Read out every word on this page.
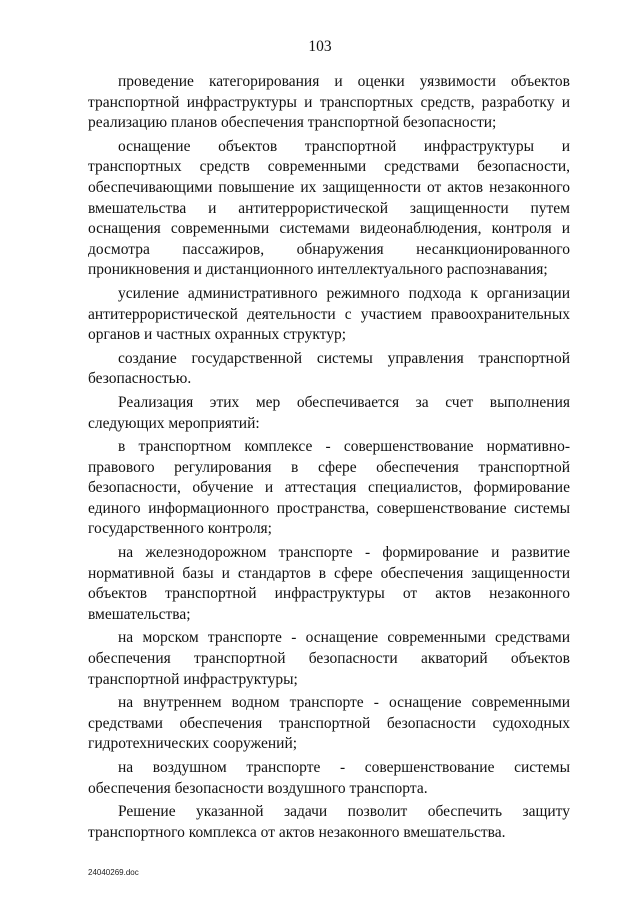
103

проведение категорирования и оценки уязвимости объектов транспортной инфраструктуры и транспортных средств, разработку и реализацию планов обеспечения транспортной безопасности;

оснащение объектов транспортной инфраструктуры и транспортных средств современными средствами безопасности, обеспечивающими повышение их защищенности от актов незаконного вмешательства и антитеррористической защищенности путем оснащения современными системами видеонаблюдения, контроля и досмотра пассажиров, обнаружения несанкционированного проникновения и дистанционного интеллектуального распознавания;

усиление административного режимного подхода к организации антитеррористической деятельности с участием правоохранительных органов и частных охранных структур;

создание государственной системы управления транспортной безопасностью.

Реализация этих мер обеспечивается за счет выполнения следующих мероприятий:

в транспортном комплексе - совершенствование нормативно-правового регулирования в сфере обеспечения транспортной безопасности, обучение и аттестация специалистов, формирование единого информационного пространства, совершенствование системы государственного контроля;

на железнодорожном транспорте - формирование и развитие нормативной базы и стандартов в сфере обеспечения защищенности объектов транспортной инфраструктуры от актов незаконного вмешательства;

на морском транспорте - оснащение современными средствами обеспечения транспортной безопасности акваторий объектов транспортной инфраструктуры;

на внутреннем водном транспорте - оснащение современными средствами обеспечения транспортной безопасности судоходных гидротехнических сооружений;

на воздушном транспорте - совершенствование системы обеспечения безопасности воздушного транспорта.

Решение указанной задачи позволит обеспечить защиту транспортного комплекса от актов незаконного вмешательства.

24040269.doc
